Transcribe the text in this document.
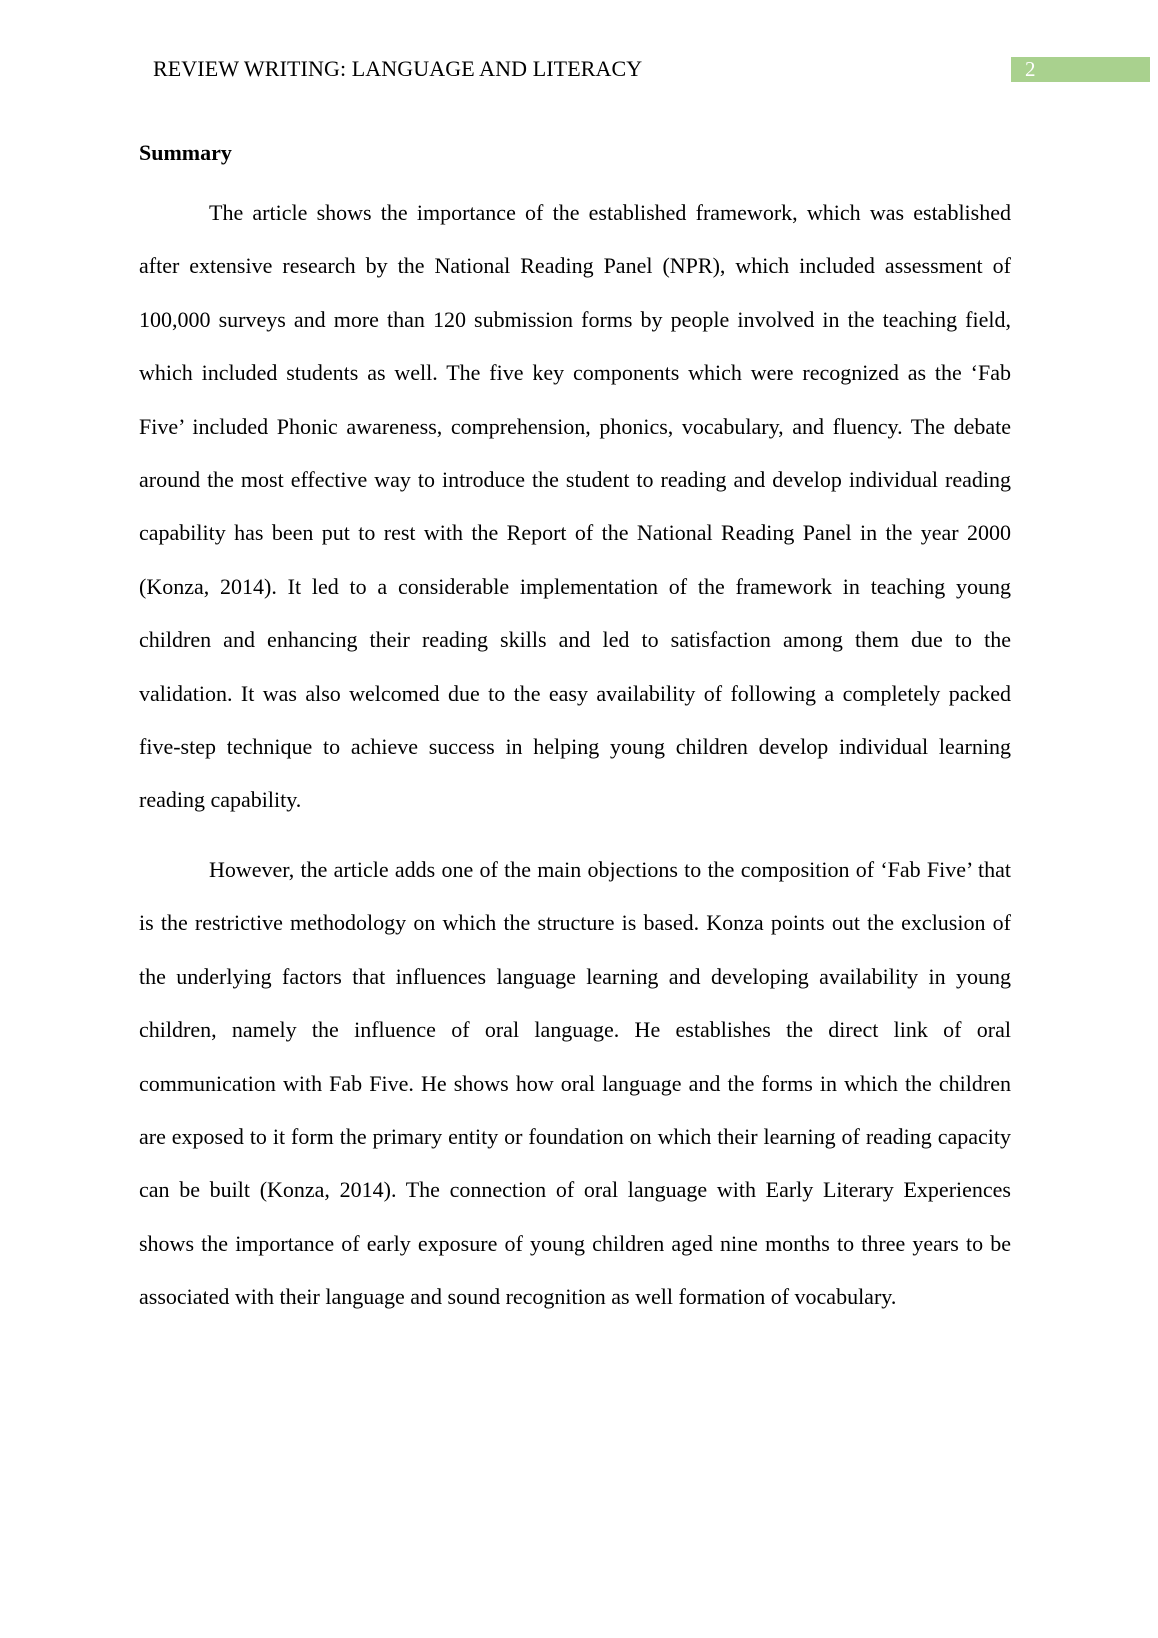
REVIEW WRITING: LANGUAGE AND LITERACY	2
Summary

The article shows the importance of the established framework, which was established after extensive research by the National Reading Panel (NPR), which included assessment of 100,000 surveys and more than 120 submission forms by people involved in the teaching field, which included students as well. The five key components which were recognized as the ‘Fab Five’ included Phonic awareness, comprehension, phonics, vocabulary, and fluency. The debate around the most effective way to introduce the student to reading and develop individual reading capability has been put to rest with the Report of the National Reading Panel in the year 2000 (Konza, 2014). It led to a considerable implementation of the framework in teaching young children and enhancing their reading skills and led to satisfaction among them due to the validation. It was also welcomed due to the easy availability of following a completely packed five-step technique to achieve success in helping young children develop individual learning reading capability.

However, the article adds one of the main objections to the composition of ‘Fab Five’ that is the restrictive methodology on which the structure is based. Konza points out the exclusion of the underlying factors that influences language learning and developing availability in young children, namely the influence of oral language. He establishes the direct link of oral communication with Fab Five. He shows how oral language and the forms in which the children are exposed to it form the primary entity or foundation on which their learning of reading capacity can be built (Konza, 2014). The connection of oral language with Early Literary Experiences shows the importance of early exposure of young children aged nine months to three years to be associated with their language and sound recognition as well formation of vocabulary.
